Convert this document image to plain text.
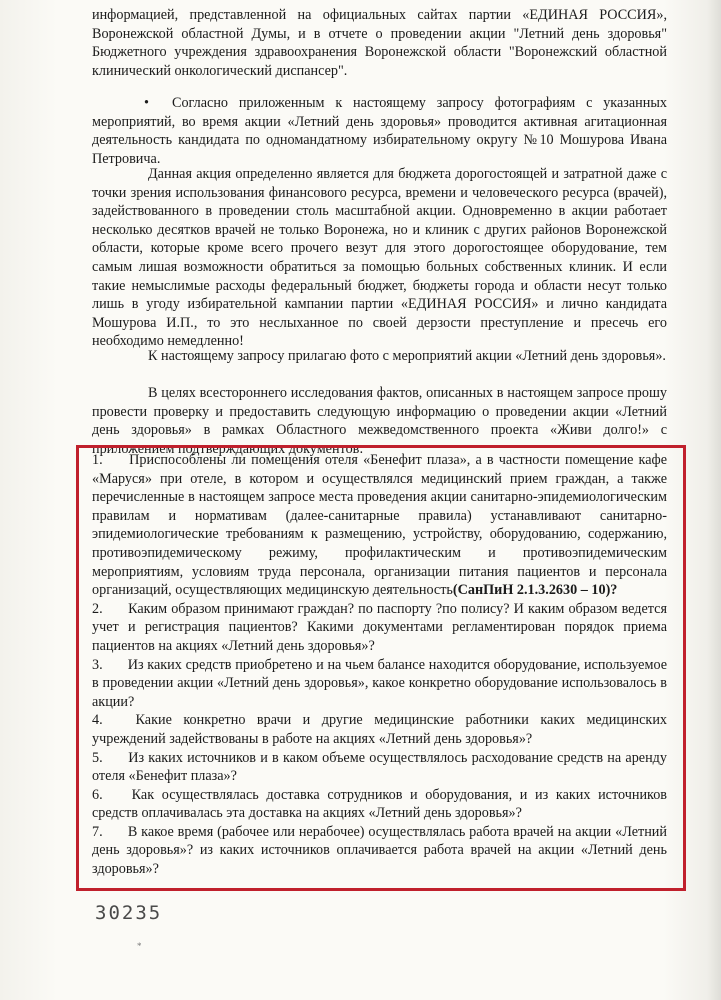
информацией, представленной на официальных сайтах партии «ЕДИНАЯ РОССИЯ», Воронежской областной Думы, и в отчете о проведении акции "Летний день здоровья" Бюджетного учреждения здравоохранения Воронежской области "Воронежский областной клинический онкологический диспансер".

•	Согласно приложенным к настоящему запросу фотографиям с указанных мероприятий, во время акции «Летний день здоровья» проводится активная агитационная деятельность кандидата по одномандатному избирательному округу №10 Мошурова Ивана Петровича.

Данная акция определенно является для бюджета дорогостоящей и затратной даже с точки зрения использования финансового ресурса, времени и человеческого ресурса (врачей), задействованного в проведении столь масштабной акции. Одновременно в акции работает несколько десятков врачей не только Воронежа, но и клиник с других районов Воронежской области, которые кроме всего прочего везут для этого дорогостоящее оборудование, тем самым лишая возможности обратиться за помощью больных собственных клиник. И если такие немыслимые расходы федеральный бюджет, бюджеты города и области несут только лишь в угоду избирательной кампании партии «ЕДИНАЯ РОССИЯ» и лично кандидата Мошурова И.П., то это неслыханное по своей дерзости преступление и пресечь его необходимо немедленно!

К настоящему запросу прилагаю фото с мероприятий акции «Летний день здоровья».

В целях всестороннего исследования фактов, описанных в настоящем запросе прошу провести проверку и предоставить следующую информацию о проведении акции «Летний день здоровья» в рамках Областного межведомственного проекта «Живи долго!» с приложением подтверждающих документов:

1. Приспособлены ли помещения отеля «Бенефит плаза», а в частности помещение кафе «Маруся» при отеле, в котором и осуществлялся медицинский прием граждан, а также перечисленные в настоящем запросе места проведения акции санитарно-эпидемиологическим правилам и нормативам (далее-санитарные правила) устанавливают санитарно-эпидемиологические требованиям к размещению, устройству, оборудованию, содержанию, противоэпидемическому режиму, профилактическим и противоэпидемическим мероприятиям, условиям труда персонала, организации питания пациентов и персонала организаций, осуществляющих медицинскую деятельность(СанПиН 2.1.3.2630 – 10)?

2. Каким образом принимают граждан? по паспорту ?по полису? И каким образом ведется учет и регистрация пациентов? Какими документами регламентирован порядок приема пациентов на акциях «Летний день здоровья»?

3. Из каких средств приобретено и на чьем балансе находится оборудование, используемое в проведении акции «Летний день здоровья», какое конкретно оборудование использовалось в акции?

4. Какие конкретно врачи и другие медицинские работники каких медицинских учреждений задействованы в работе на акциях «Летний день здоровья»?

5. Из каких источников и в каком объеме осуществлялось расходование средств на аренду отеля «Бенефит плаза»?

6. Как осуществлялась доставка сотрудников и оборудования, и из каких источников средств оплачивалась эта доставка на акциях «Летний день здоровья»?

7. В какое время (рабочее или нерабочее) осуществлялась работа врачей на акции «Летний день здоровья»? из каких источников оплачивается работа врачей на акции «Летний день здоровья»?

30235
*
